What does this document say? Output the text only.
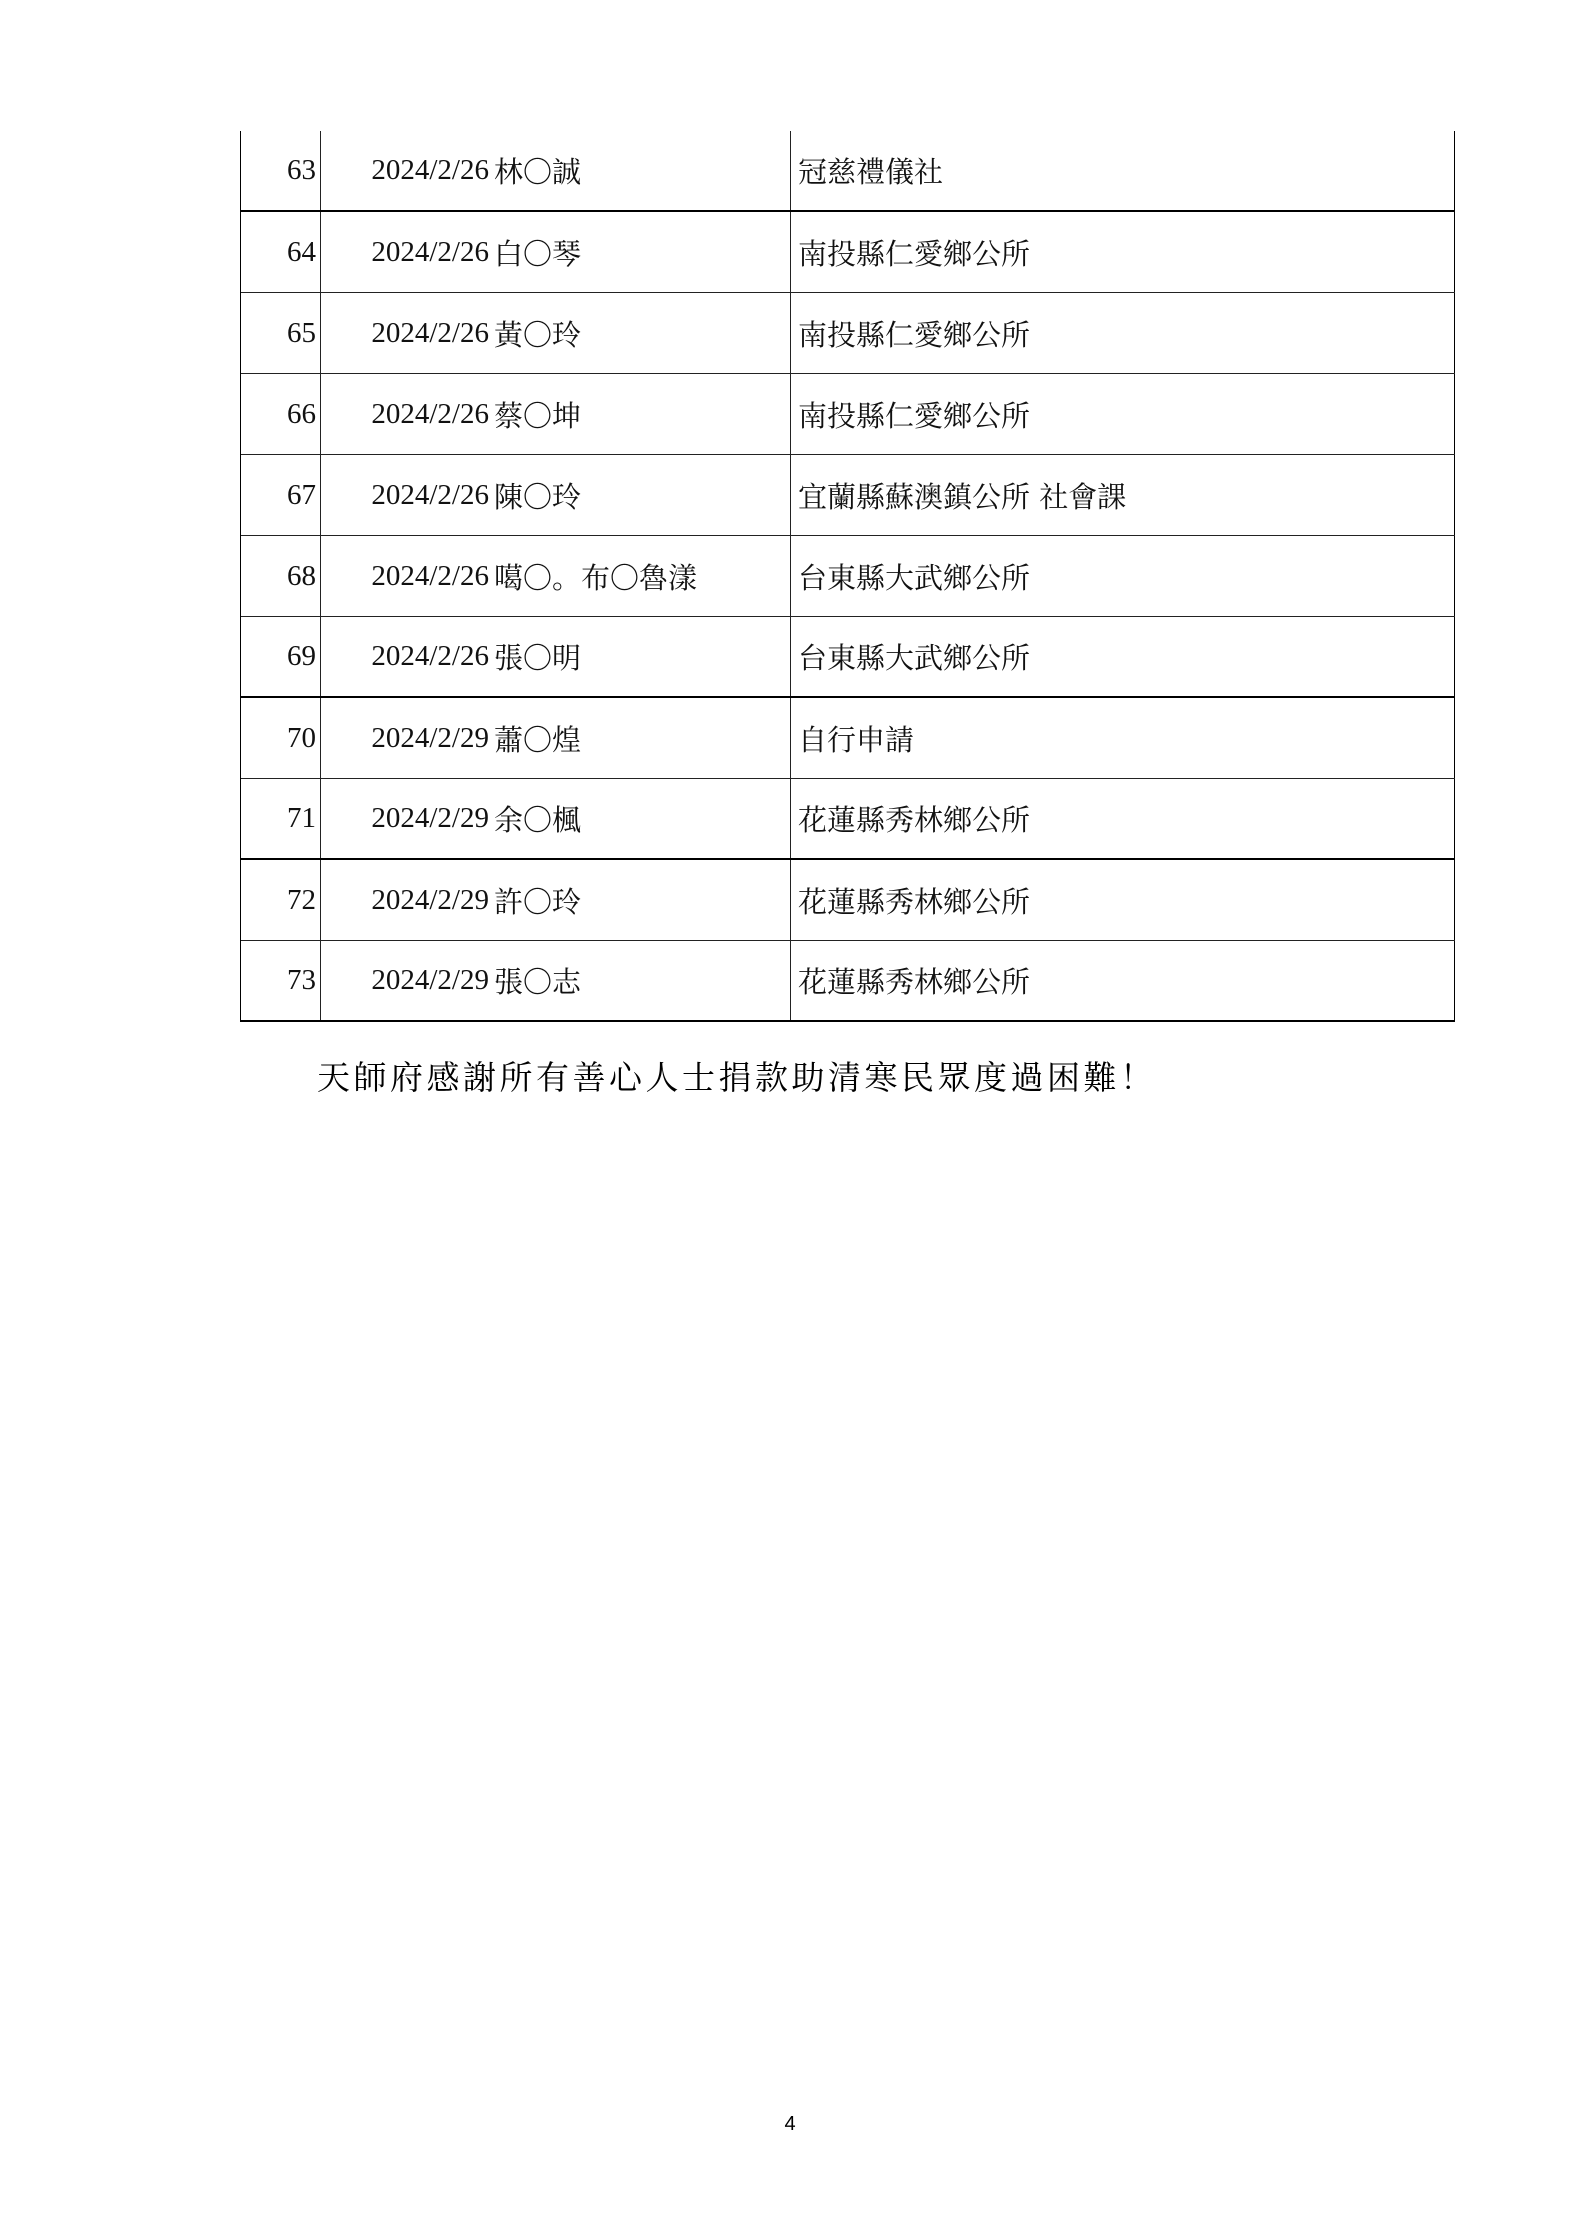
63	2024/2/26 林〇誠	冠慈禮儀社
64	2024/2/26 白〇琴	南投縣仁愛鄉公所
65	2024/2/26 黃〇玲	南投縣仁愛鄉公所
66	2024/2/26 蔡〇坤	南投縣仁愛鄉公所
67	2024/2/26 陳〇玲	宜蘭縣蘇澳鎮公所 社會課
68	2024/2/26 噶〇。布〇魯漾	台東縣大武鄉公所
69	2024/2/26 張〇明	台東縣大武鄉公所
70	2024/2/29 蕭〇煌	自行申請
71	2024/2/29 余〇楓	花蓮縣秀林鄉公所
72	2024/2/29 許〇玲	花蓮縣秀林鄉公所
73	2024/2/29 張〇志	花蓮縣秀林鄉公所
天師府感謝所有善心人士捐款助清寒民眾度過困難！
4
